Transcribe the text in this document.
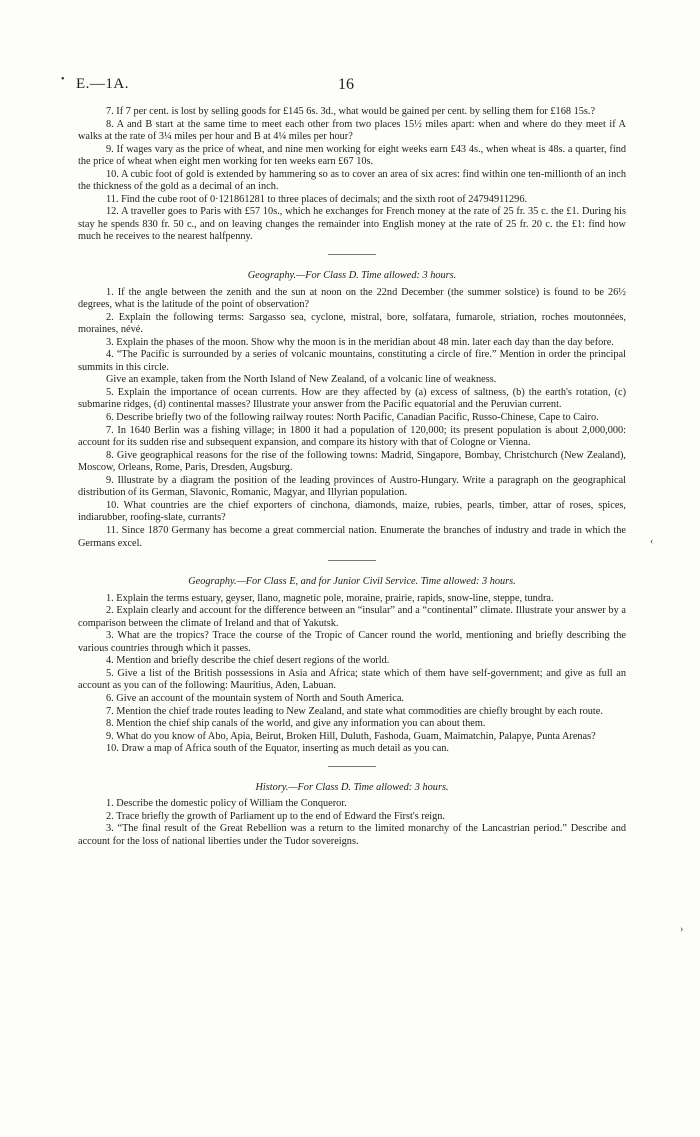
• E.—1A.	16
‹
›

7. If 7 per cent. is lost by selling goods for £145 6s. 3d., what would be gained per cent. by selling them for £168 15s.?

8. A and B start at the same time to meet each other from two places 15½ miles apart: when and where do they meet if A walks at the rate of 3¼ miles per hour and B at 4¼ miles per hour?

9. If wages vary as the price of wheat, and nine men working for eight weeks earn £43 4s., when wheat is 48s. a quarter, find the price of wheat when eight men working for ten weeks earn £67 10s.

10. A cubic foot of gold is extended by hammering so as to cover an area of six acres: find within one ten-millionth of an inch the thickness of the gold as a decimal of an inch.

11. Find the cube root of 0·121861281 to three places of decimals; and the sixth root of 24794911296.

12. A traveller goes to Paris with £57 10s., which he exchanges for French money at the rate of 25 fr. 35 c. the £1. During his stay he spends 830 fr. 50 c., and on leaving changes the remainder into English money at the rate of 25 fr. 20 c. the £1: find how much he receives to the nearest halfpenny.

Geography.—For Class D. Time allowed: 3 hours.

1. If the angle between the zenith and the sun at noon on the 22nd December (the summer solstice) is found to be 26½ degrees, what is the latitude of the point of observation?

2. Explain the following terms: Sargasso sea, cyclone, mistral, bore, solfatara, fumarole, striation, roches moutonnées, moraines, névé.

3. Explain the phases of the moon. Show why the moon is in the meridian about 48 min. later each day than the day before.

4. “The Pacific is surrounded by a series of volcanic mountains, constituting a circle of fire.” Mention in order the principal summits in this circle.

Give an example, taken from the North Island of New Zealand, of a volcanic line of weakness.

5. Explain the importance of ocean currents. How are they affected by (a) excess of saltness, (b) the earth's rotation, (c) submarine ridges, (d) continental masses? Illustrate your answer from the Pacific equatorial and the Peruvian current.

6. Describe briefly two of the following railway routes: North Pacific, Canadian Pacific, Russo-Chinese, Cape to Cairo.

7. In 1640 Berlin was a fishing village; in 1800 it had a population of 120,000; its present population is about 2,000,000: account for its sudden rise and subsequent expansion, and compare its history with that of Cologne or Vienna.

8. Give geographical reasons for the rise of the following towns: Madrid, Singapore, Bombay, Christchurch (New Zealand), Moscow, Orleans, Rome, Paris, Dresden, Augsburg.

9. Illustrate by a diagram the position of the leading provinces of Austro-Hungary. Write a paragraph on the geographical distribution of its German, Slavonic, Romanic, Magyar, and Illyrian population.

10. What countries are the chief exporters of cinchona, diamonds, maize, rubies, pearls, timber, attar of roses, spices, indiarubber, roofing-slate, currants?

11. Since 1870 Germany has become a great commercial nation. Enumerate the branches of industry and trade in which the Germans excel.

Geography.—For Class E, and for Junior Civil Service. Time allowed: 3 hours.

1. Explain the terms estuary, geyser, llano, magnetic pole, moraine, prairie, rapids, snow-line, steppe, tundra.

2. Explain clearly and account for the difference between an “insular” and a “continental” climate. Illustrate your answer by a comparison between the climate of Ireland and that of Yakutsk.

3. What are the tropics? Trace the course of the Tropic of Cancer round the world, mentioning and briefly describing the various countries through which it passes.

4. Mention and briefly describe the chief desert regions of the world.

5. Give a list of the British possessions in Asia and Africa; state which of them have self-government; and give as full an account as you can of the following: Mauritius, Aden, Labuan.

6. Give an account of the mountain system of North and South America.

7. Mention the chief trade routes leading to New Zealand, and state what commodities are chiefly brought by each route.

8. Mention the chief ship canals of the world, and give any information you can about them.

9. What do you know of Abo, Apia, Beirut, Broken Hill, Duluth, Fashoda, Guam, Maimatchin, Palapye, Punta Arenas?

10. Draw a map of Africa south of the Equator, inserting as much detail as you can.

History.—For Class D. Time allowed: 3 hours.

1. Describe the domestic policy of William the Conqueror.

2. Trace briefly the growth of Parliament up to the end of Edward the First's reign.

3. “The final result of the Great Rebellion was a return to the limited monarchy of the Lancastrian period.” Describe and account for the loss of national liberties under the Tudor sovereigns.
